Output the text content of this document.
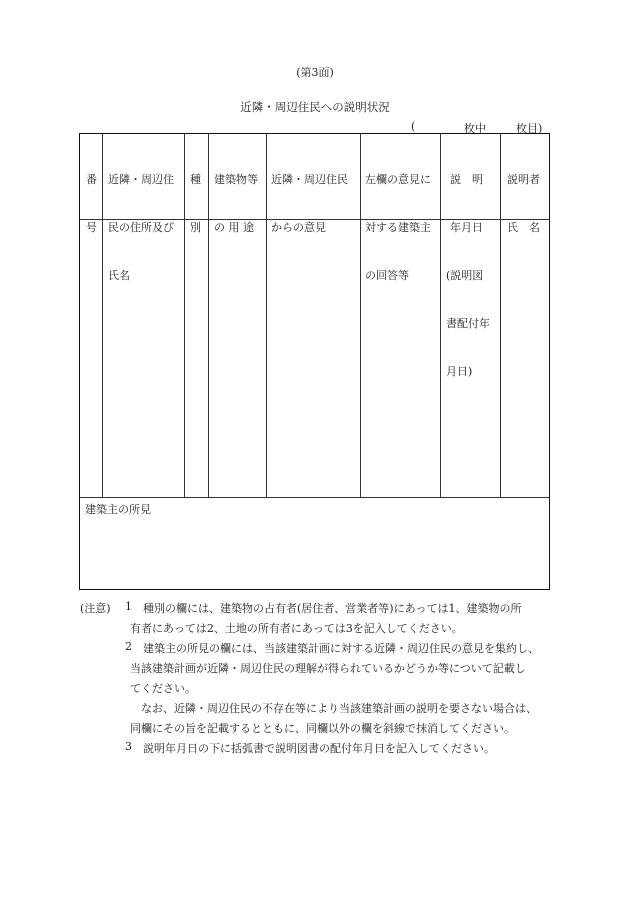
(第3面)
近隣・周辺住民への説明状況
(	枚中	枚目)

番

号

近隣・周辺住

民の住所及び

氏名

種

別

建築物等

の 用 途

近隣・周辺住民

からの意見

左欄の意見に

対する建築主

の回答等

説　明

年月日

(説明図

書配付年

月日)

説明者

氏　名

建築主の所見
(注意) 1 種別の欄には、建築物の占有者(居住者、営業者等)にあっては1、建築物の所
有者にあっては2、土地の所有者にあっては3を記入してください。
2 建築主の所見の欄には、当該建築計画に対する近隣・周辺住民の意見を集約し、
当該建築計画が近隣・周辺住民の理解が得られているかどうか等について記載し
てください。
　なお、近隣・周辺住民の不存在等により当該建築計画の説明を要さない場合は、
同欄にその旨を記載するとともに、同欄以外の欄を斜線で抹消してください。
3 説明年月日の下に括弧書で説明図書の配付年月日を記入してください。
